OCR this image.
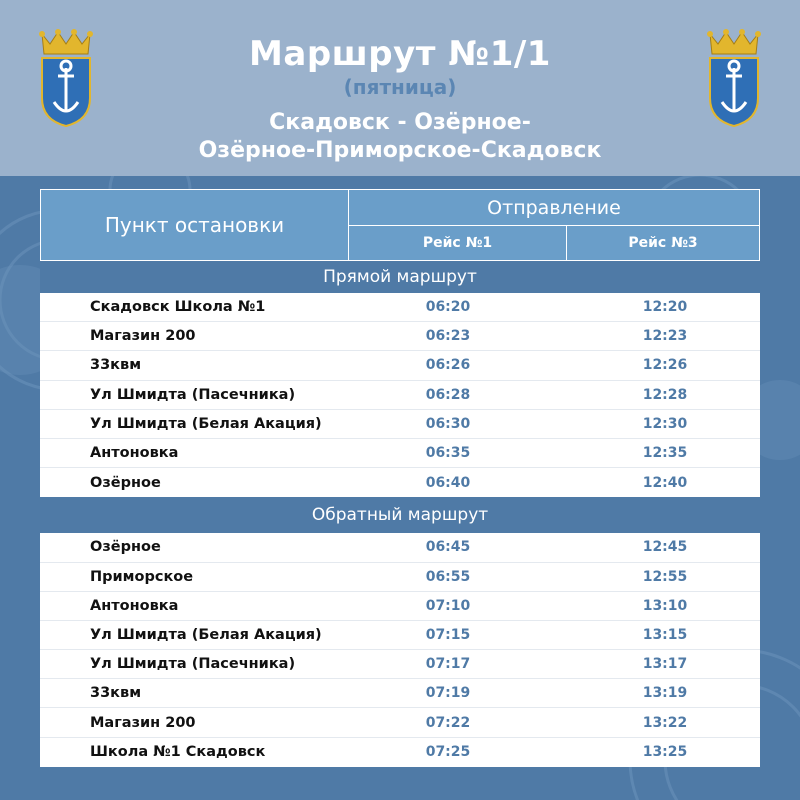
Маршрут №1/1
(пятница)
Скадовск - Озёрное-
Озёрное-Приморское-Скадовск
Пункт остановки
Отправление
Рейс №1	Рейс №3
Прямой маршрут
Скадовск Школа №1	06:20	12:20
Магазин 200	06:23	12:23
33квм	06:26	12:26
Ул Шмидта (Пасечника)	06:28	12:28
Ул Шмидта (Белая Акация)	06:30	12:30
Антоновка	06:35	12:35
Озёрное	06:40	12:40
Обратный маршрут
Озёрное	06:45	12:45
Приморское	06:55	12:55
Антоновка	07:10	13:10
Ул Шмидта (Белая Акация)	07:15	13:15
Ул Шмидта (Пасечника)	07:17	13:17
33квм	07:19	13:19
Магазин 200	07:22	13:22
Школа №1 Скадовск	07:25	13:25
